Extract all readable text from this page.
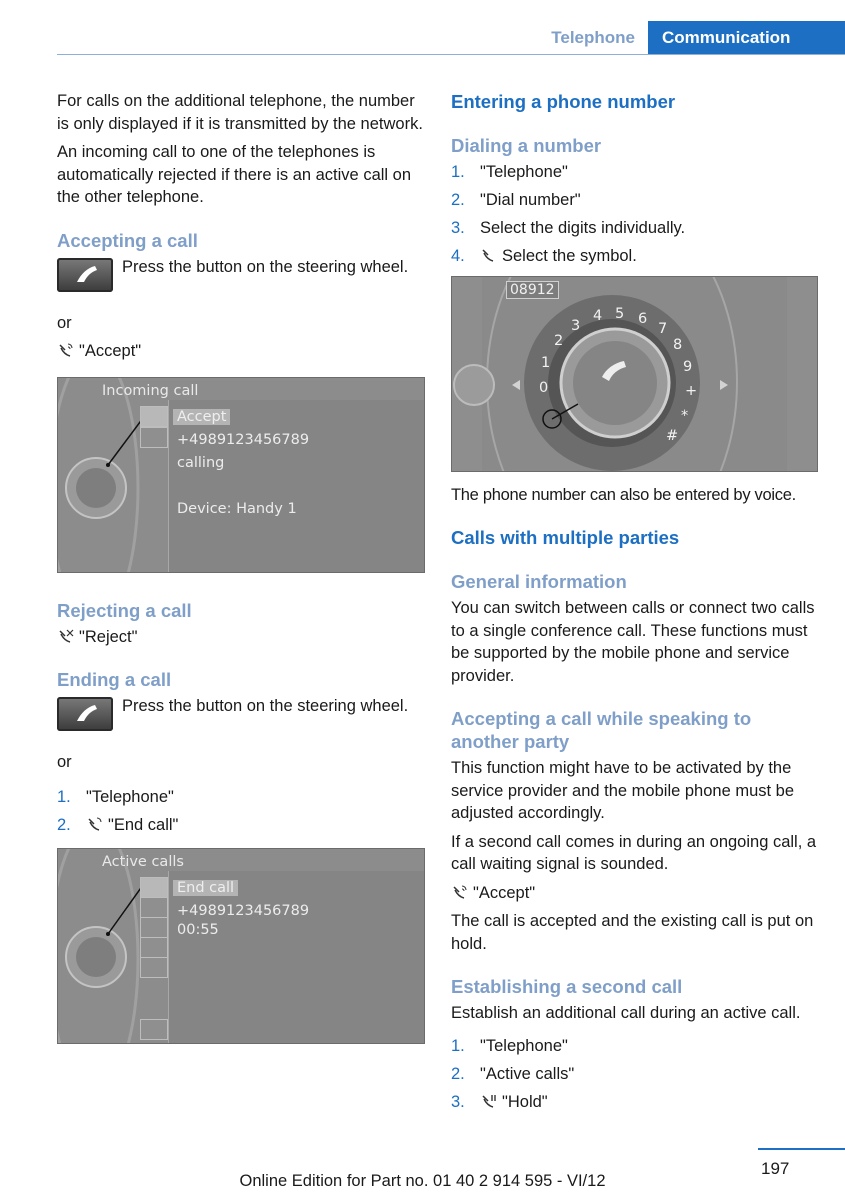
Telephone	Communication

For calls on the additional telephone, the number is only displayed if it is transmitted by the network.

An incoming call to one of the telephones is automatically rejected if there is an active call on the other telephone.

Accepting a call
Press the button on the steering wheel.

or

"Accept"

Incoming call
Accept
+4989123456789
calling
Device: Handy 1
Rejecting a call

"Reject"

Ending a call
Press the button on the steering wheel.

or

1. "Telephone"
2. "End call"
Active calls
End call
+4989123456789
00:55
Entering a phone number
Dialing a number
1. "Telephone"
2. "Dial number"
3. Select the digits individually.
4. Select the symbol.
08912
0
1
2
3
4 5 6
7
8
9
+
*
#

The phone number can also be entered by voice.

Calls with multiple parties
General information

You can switch between calls or connect two calls to a single conference call. These functions must be supported by the mobile phone and service provider.

Accepting a call while speaking to another party

This function might have to be activated by the service provider and the mobile phone must be adjusted accordingly.

If a second call comes in during an ongoing call, a call waiting signal is sounded.

"Accept"

The call is accepted and the existing call is put on hold.

Establishing a second call

Establish an additional call during an active call.

1. "Telephone"
2. "Active calls"
3. "Hold"
197
Online Edition for Part no. 01 40 2 914 595 - VI/12
